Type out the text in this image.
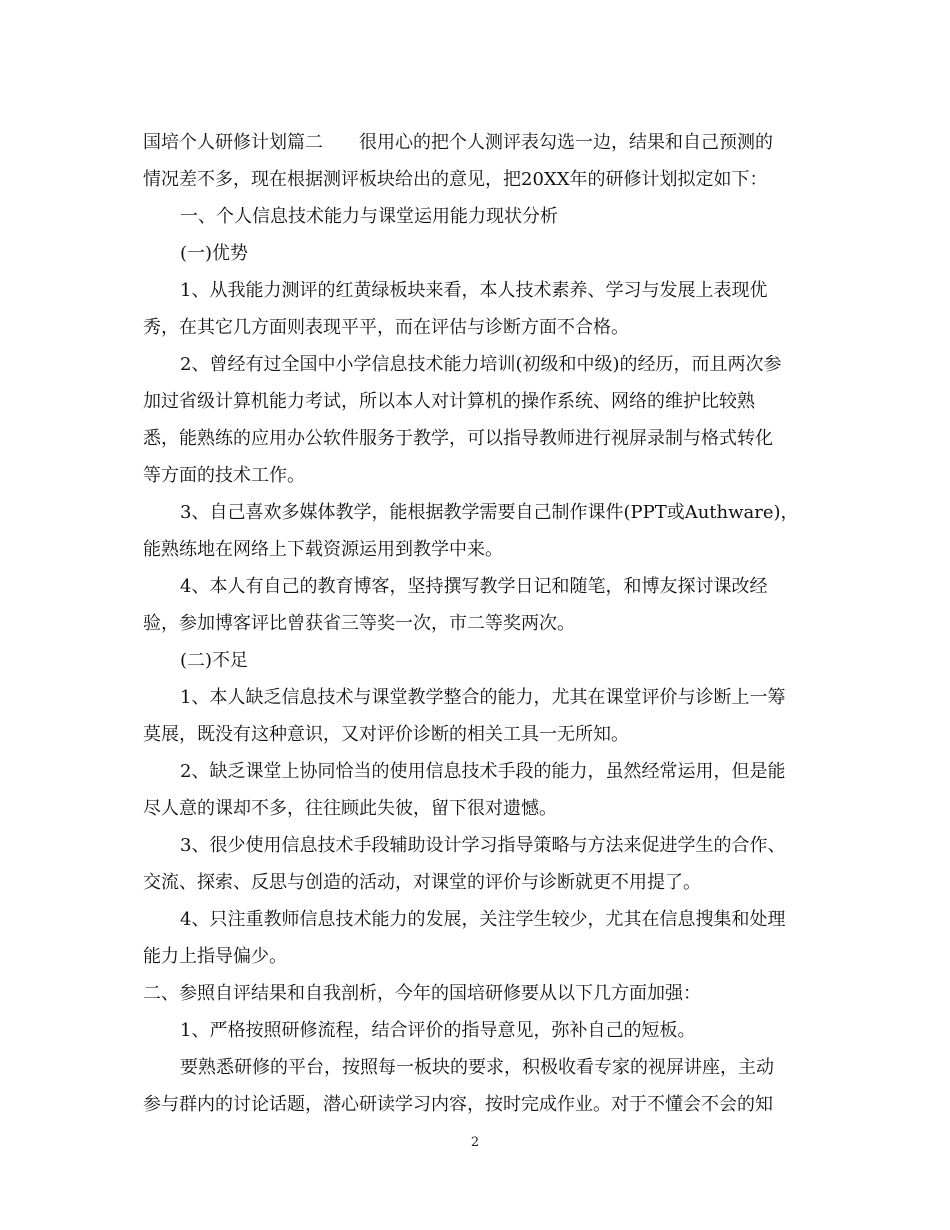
国培个人研修计划篇二 很用心的把个人测评表勾选一边，结果和自己预测的
情况差不多，现在根据测评板块给出的意见，把20XX年的研修计划拟定如下：
一、个人信息技术能力与课堂运用能力现状分析
(一)优势
1、从我能力测评的红黄绿板块来看，本人技术素养、学习与发展上表现优
秀，在其它几方面则表现平平，而在评估与诊断方面不合格。
2、曾经有过全国中小学信息技术能力培训(初级和中级)的经历，而且两次参
加过省级计算机能力考试，所以本人对计算机的操作系统、网络的维护比较熟
悉，能熟练的应用办公软件服务于教学，可以指导教师进行视屏录制与格式转化
等方面的技术工作。
3、自己喜欢多媒体教学，能根据教学需要自己制作课件(PPT或Authware)，
能熟练地在网络上下载资源运用到教学中来。
4、本人有自己的教育博客，坚持撰写教学日记和随笔，和博友探讨课改经
验，参加博客评比曾获省三等奖一次，市二等奖两次。
(二)不足
1、本人缺乏信息技术与课堂教学整合的能力，尤其在课堂评价与诊断上一筹
莫展，既没有这种意识，又对评价诊断的相关工具一无所知。
2、缺乏课堂上协同恰当的使用信息技术手段的能力，虽然经常运用，但是能
尽人意的课却不多，往往顾此失彼，留下很对遗憾。
3、很少使用信息技术手段辅助设计学习指导策略与方法来促进学生的合作、
交流、探索、反思与创造的活动，对课堂的评价与诊断就更不用提了。
4、只注重教师信息技术能力的发展，关注学生较少，尤其在信息搜集和处理
能力上指导偏少。
二、参照自评结果和自我剖析，今年的国培研修要从以下几方面加强：
1、严格按照研修流程，结合评价的指导意见，弥补自己的短板。
要熟悉研修的平台，按照每一板块的要求，积极收看专家的视屏讲座，主动
参与群内的讨论话题，潜心研读学习内容，按时完成作业。对于不懂会不会的知
2
